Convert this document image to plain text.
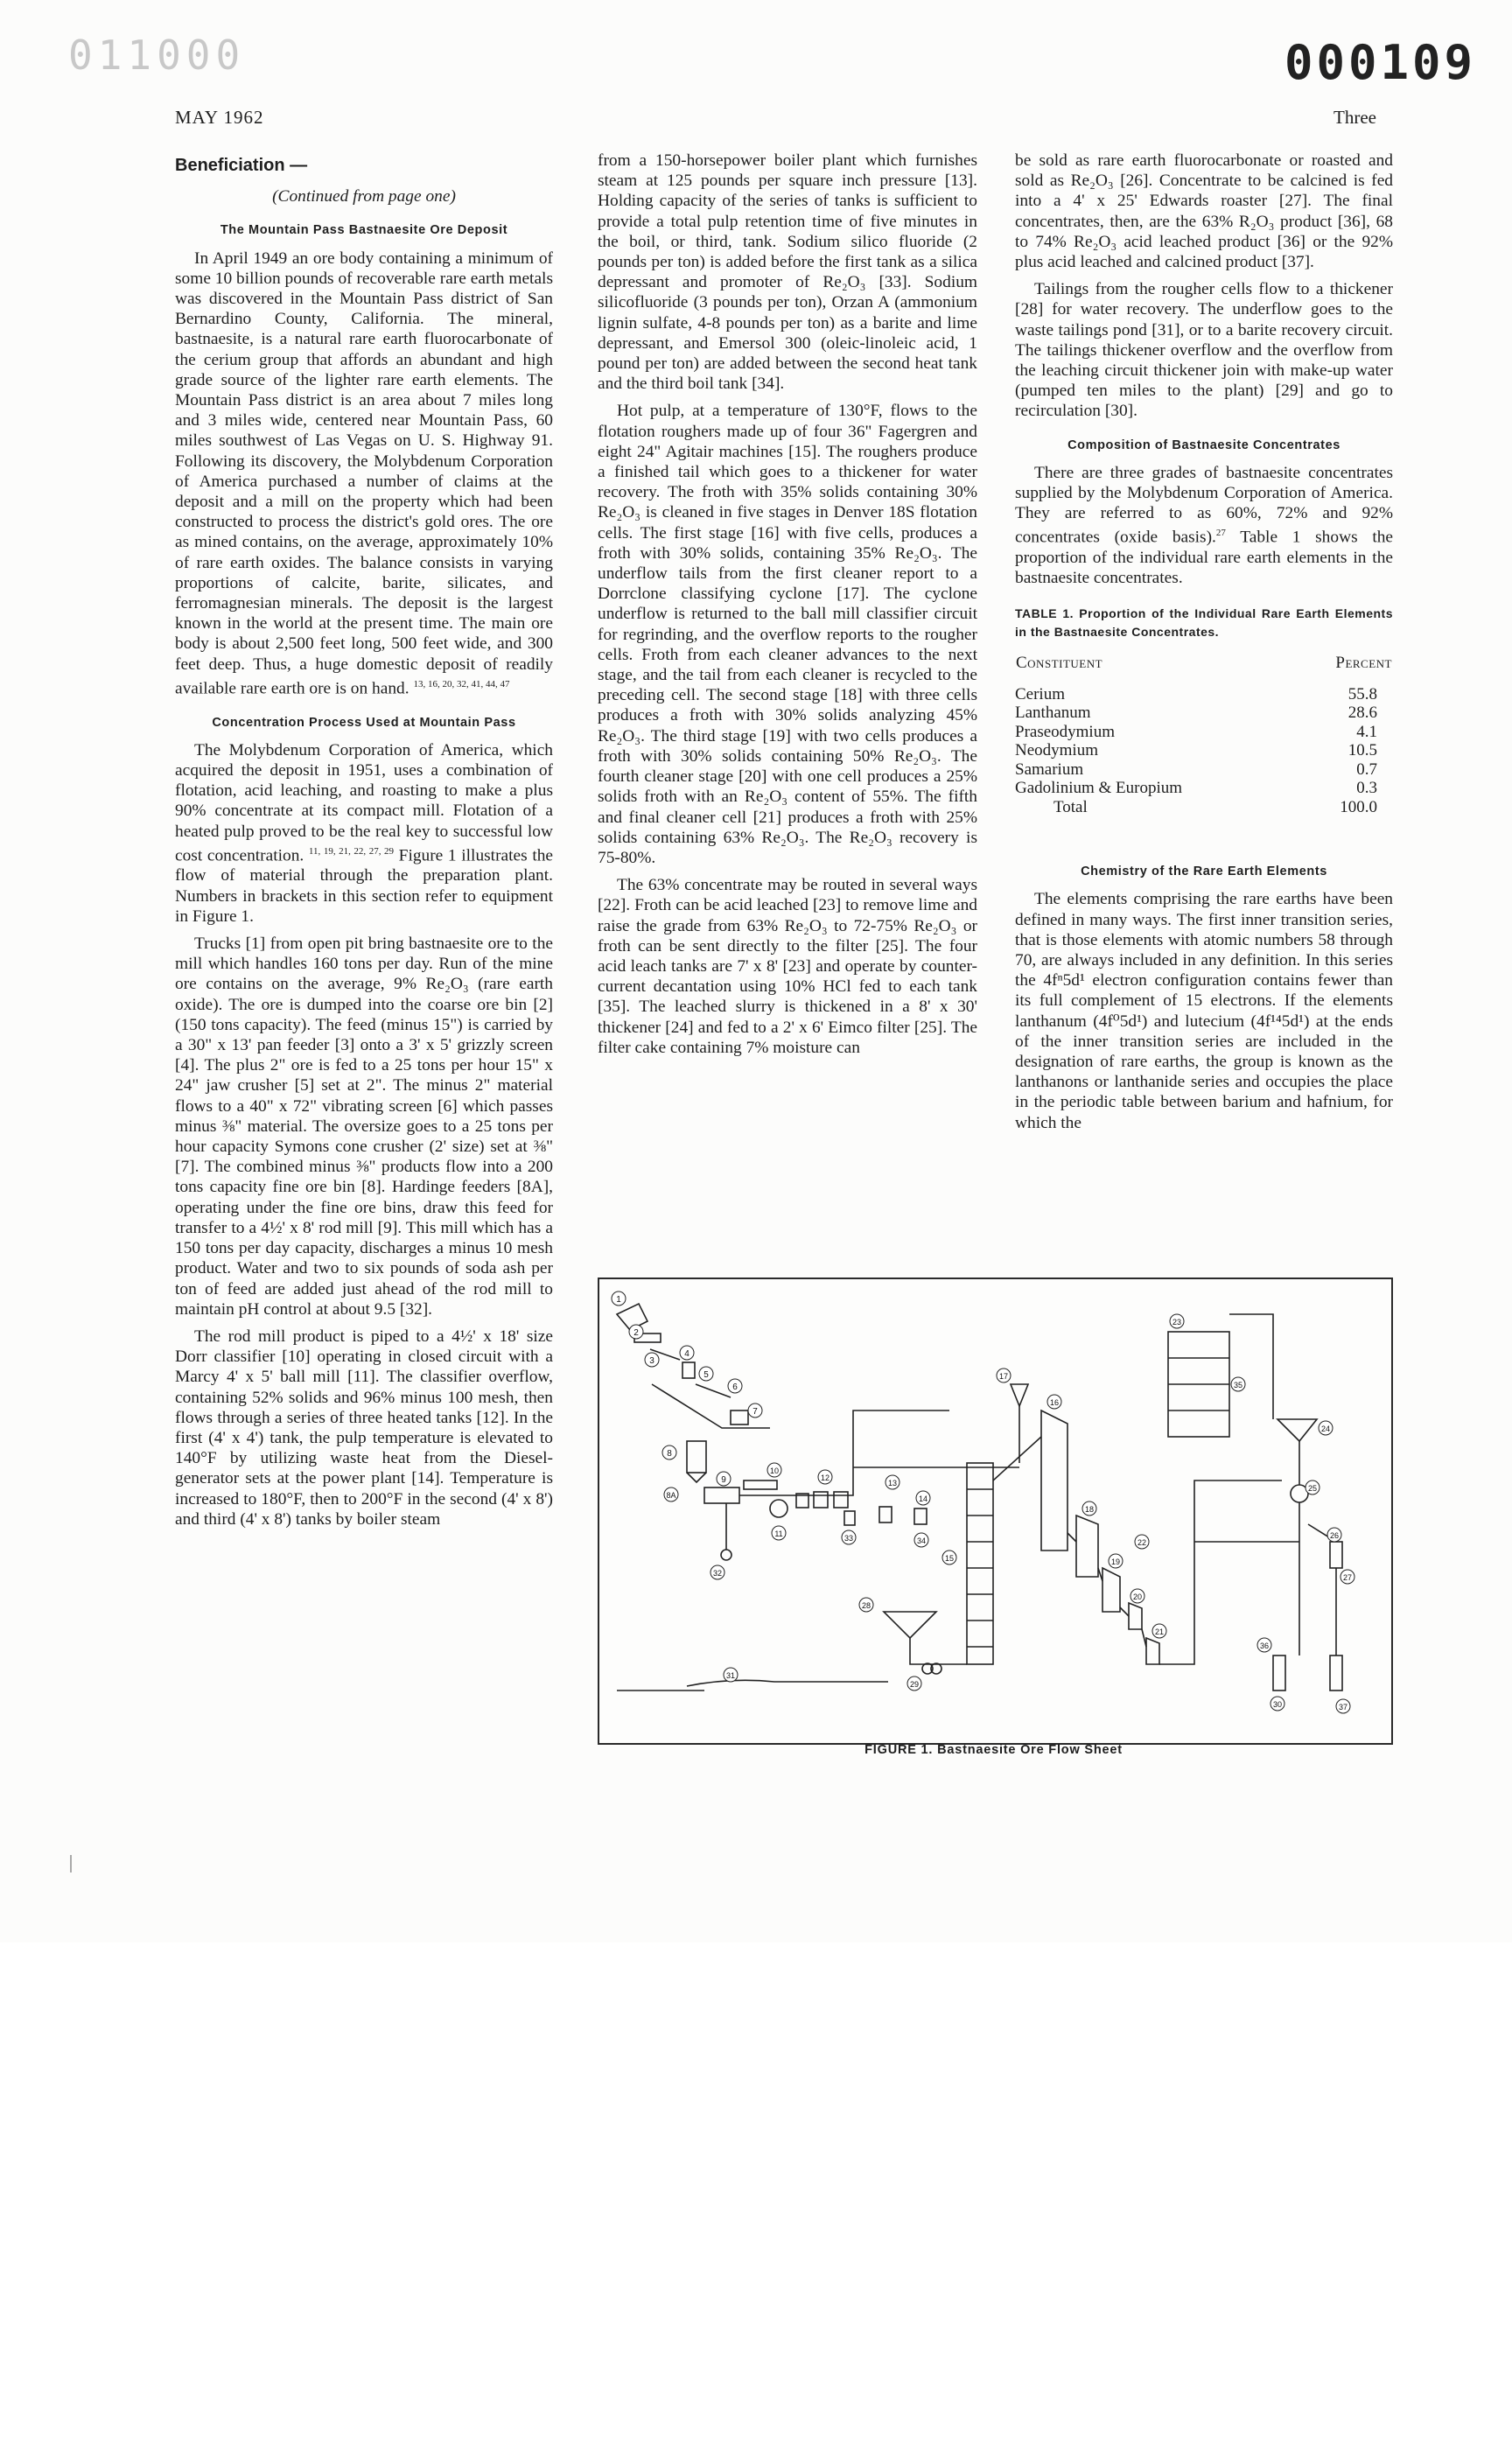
011000	000109
MAY 1962	Three
Beneficiation —
(Continued from page one)
The Mountain Pass Bastnaesite Ore Deposit

In April 1949 an ore body containing a minimum of some 10 billion pounds of recoverable rare earth metals was discovered in the Mountain Pass district of San Bernardino County, California. The mineral, bastnaesite, is a natural rare earth fluorocarbonate of the cerium group that affords an abundant and high grade source of the lighter rare earth elements. The Mountain Pass district is an area about 7 miles long and 3 miles wide, centered near Mountain Pass, 60 miles southwest of Las Vegas on U. S. Highway 91. Following its discovery, the Molybdenum Corporation of America purchased a number of claims at the deposit and a mill on the property which had been constructed to process the district's gold ores. The ore as mined contains, on the average, approximately 10% of rare earth oxides. The balance consists in varying proportions of calcite, barite, silicates, and ferromagnesian minerals. The deposit is the largest known in the world at the present time. The main ore body is about 2,500 feet long, 500 feet wide, and 300 feet deep. Thus, a huge domestic deposit of readily available rare earth ore is on hand. $^{13, 16, 20, 32, 41, 44, 47}$

Concentration Process Used at Mountain Pass

The Molybdenum Corporation of America, which acquired the deposit in 1951, uses a combination of flotation, acid leaching, and roasting to make a plus 90% concentrate at its compact mill. Flotation of a heated pulp proved to be the real key to successful low cost concentration. $^{11, 19, 21, 22, 27, 29}$ Figure 1 illustrates the flow of material through the preparation plant. Numbers in brackets in this section refer to equipment in Figure 1.

Trucks [1] from open pit bring bastnaesite ore to the mill which handles 160 tons per day. Run of the mine ore contains on the average, 9% Re₂O₃ (rare earth oxide). The ore is dumped into the coarse ore bin [2] (150 tons capacity). The feed (minus 15") is carried by a 30" x 13' pan feeder [3] onto a 3' x 5' grizzly screen [4]. The plus 2" ore is fed to a 25 tons per hour 15" x 24" jaw crusher [5] set at 2". The minus 2" material flows to a 40" x 72" vibrating screen [6] which passes minus ⅜" material. The oversize goes to a 25 tons per hour capacity Symons cone crusher (2' size) set at ⅜" [7]. The combined minus ⅜" products flow into a 200 tons capacity fine ore bin [8]. Hardinge feeders [8A], operating under the fine ore bins, draw this feed for transfer to a 4½' x 8' rod mill [9]. This mill which has a 150 tons per day capacity, discharges a minus 10 mesh product. Water and two to six pounds of soda ash per ton of feed are added just ahead of the rod mill to maintain pH control at about 9.5 [32].

The rod mill product is piped to a 4½' x 18' size Dorr classifier [10] operating in closed circuit with a Marcy 4' x 5' ball mill [11]. The classifier overflow, containing 52% solids and 96% minus 100 mesh, then flows through a series of three heated tanks [12]. In the first (4' x 4') tank, the pulp temperature is elevated to 140°F by utilizing waste heat from the Diesel-generator sets at the power plant [14]. Temperature is increased to 180°F, then to 200°F in the second (4' x 8') and third (4' x 8') tanks by boiler steam

from a 150-horsepower boiler plant which furnishes steam at 125 pounds per square inch pressure [13]. Holding capacity of the series of tanks is sufficient to provide a total pulp retention time of five minutes in the boil, or third, tank. Sodium silico fluoride (2 pounds per ton) is added before the first tank as a silica depressant and promoter of Re₂O₃ [33]. Sodium silicofluoride (3 pounds per ton), Orzan A (ammonium lignin sulfate, 4-8 pounds per ton) as a barite and lime depressant, and Emersol 300 (oleic-linoleic acid, 1 pound per ton) are added between the second heat tank and the third boil tank [34].

Hot pulp, at a temperature of 130°F, flows to the flotation roughers made up of four 36" Fagergren and eight 24" Agitair machines [15]. The roughers produce a finished tail which goes to a thickener for water recovery. The froth with 35% solids containing 30% Re₂O₃ is cleaned in five stages in Denver 18S flotation cells. The first stage [16] with five cells, produces a froth with 30% solids, containing 35% Re₂O₃. The underflow tails from the first cleaner report to a Dorrclone classifying cyclone [17]. The cyclone underflow is returned to the ball mill classifier circuit for regrinding, and the overflow reports to the rougher cells. Froth from each cleaner advances to the next stage, and the tail from each cleaner is recycled to the preceding cell. The second stage [18] with three cells produces a froth with 30% solids analyzing 45% Re₂O₃. The third stage [19] with two cells produces a froth with 30% solids containing 50% Re₂O₃. The fourth cleaner stage [20] with one cell produces a 25% solids froth with an Re₂O₃ content of 55%. The fifth and final cleaner cell [21] produces a froth with 25% solids containing 63% Re₂O₃. The Re₂O₃ recovery is 75-80%.

The 63% concentrate may be routed in several ways [22]. Froth can be acid leached [23] to remove lime and raise the grade from 63% Re₂O₃ to 72-75% Re₂O₃ or froth can be sent directly to the filter [25]. The four acid leach tanks are 7' x 8' [23] and operate by counter-current decantation using 10% HCl fed to each tank [35]. The leached slurry is thickened in a 8' x 30' thickener [24] and fed to a 2' x 6' Eimco filter [25]. The filter cake containing 7% moisture can

be sold as rare earth fluorocarbonate or roasted and sold as Re₂O₃ [26]. Concentrate to be calcined is fed into a 4' x 25' Edwards roaster [27]. The final concentrates, then, are the 63% R₂O₃ product [36], 68 to 74% Re₂O₃ acid leached product [36] or the 92% plus acid leached and calcined product [37].

Tailings from the rougher cells flow to a thickener [28] for water recovery. The underflow goes to the waste tailings pond [31], or to a barite recovery circuit. The tailings thickener overflow and the overflow from the leaching circuit thickener join with make-up water (pumped ten miles to the plant) [29] and go to recirculation [30].

Composition of Bastnaesite Concentrates

There are three grades of bastnaesite concentrates supplied by the Molybdenum Corporation of America. They are referred to as 60%, 72% and 92% concentrates (oxide basis).$^{27}$ Table 1 shows the proportion of the individual rare earth elements in the bastnaesite concentrates.

TABLE 1. Proportion of the Individual Rare Earth Elements in the Bastnaesite Concentrates.
Constituent	Percent
Cerium	55.8
Lanthanum	28.6
Praseodymium	4.1
Neodymium	10.5
Samarium	0.7
Gadolinium & Europium	0.3
Total	100.0
Chemistry of the Rare Earth Elements

The elements comprising the rare earths have been defined in many ways. The first inner transition series, that is those elements with atomic numbers 58 through 70, are always included in any definition. In this series the 4fⁿ5d¹ electron configuration contains fewer than its full complement of 15 electrons. If the elements lanthanum (4f⁰5d¹) and lutecium (4f¹⁴5d¹) at the ends of the inner transition series are included in the designation of rare earths, the group is known as the lanthanons or lanthanide series and occupies the place in the periodic table between barium and hafnium, for which the

1
2
3
4
5
6
7
8
8A
9
10
11
12
13
14
15
16
17
18
19
20
21
22
23
24
25
26
27
28
29
30
31
32
33	34
35
36
37
FIGURE 1. Bastnaesite Ore Flow Sheet
